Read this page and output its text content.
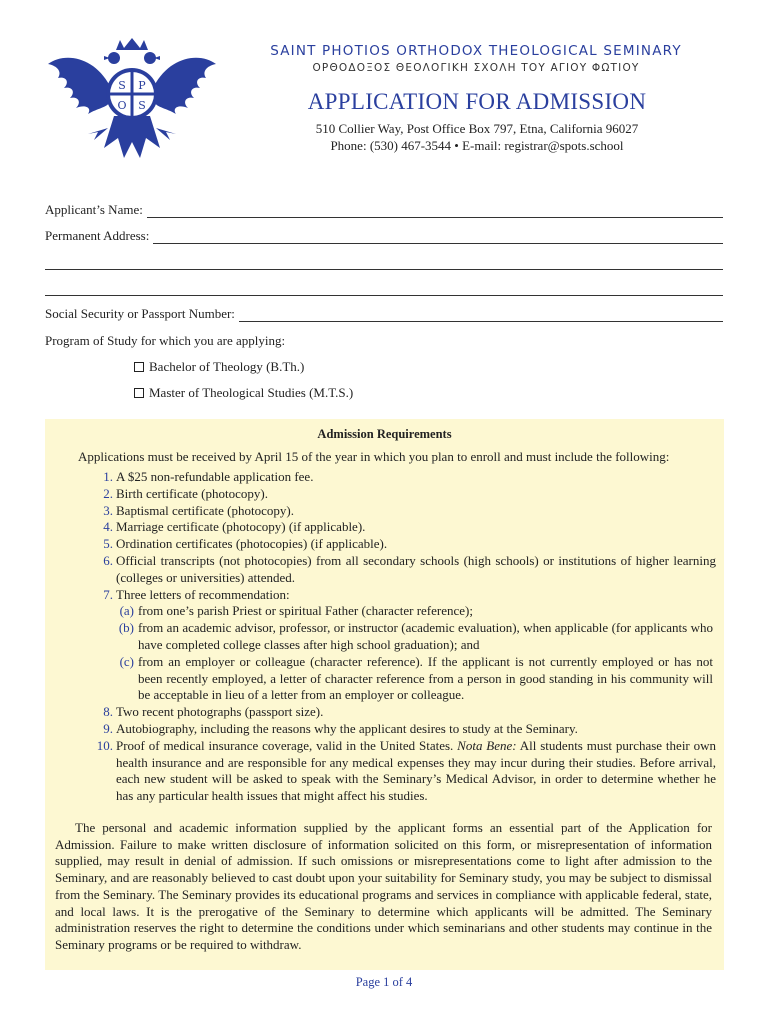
S P
O S
SAINT PHOTIOS ORTHODOX THEOLOGICAL SEMINARY
ΟΡΘΟΔΟΞΟΣ ΘΕΟΛΟΓΙΚΗ ΣΧΟΛΗ ΤΟΥ ΑΓΙΟΥ ΦΩΤΙΟΥ
APPLICATION FOR ADMISSION
510 Collier Way, Post Office Box 797, Etna, California 96027
Phone: (530) 467-3544 • E-mail: registrar@spots.school
Applicant’s Name:
Permanent Address:
Social Security or Passport Number:
Program of Study for which you are applying:
Bachelor of Theology (B.Th.)
Master of Theological Studies (M.T.S.)
Admission Requirements
Applications must be received by April 15 of the year in which you plan to enroll and must include the following:
1. A $25 non-refundable application fee.
2. Birth certificate (photocopy).
3. Baptismal certificate (photocopy).
4. Marriage certificate (photocopy) (if applicable).
5. Ordination certificates (photocopies) (if applicable).
6. Official transcripts (not photocopies) from all secondary schools (high schools) or institutions of higher learning (colleges or universities) attended.
7. Three letters of recommendation:
(a) from one’s parish Priest or spiritual Father (character reference);
(b) from an academic advisor, professor, or instructor (academic evaluation), when applicable (for applicants who have completed college classes after high school graduation); and
(c) from an employer or colleague (character reference). If the applicant is not currently employed or has not been recently employed, a letter of character reference from a person in good standing in his community will be acceptable in lieu of a letter from an employer or colleague.
8. Two recent photographs (passport size).
9. Autobiography, including the reasons why the applicant desires to study at the Seminary.
10. Proof of medical insurance coverage, valid in the United States. Nota Bene: All students must purchase their own health insurance and are responsible for any medical expenses they may incur during their studies. Before arrival, each new student will be asked to speak with the Seminary’s Medical Advisor, in order to determine whether he has any particular health issues that might affect his studies.
The personal and academic information supplied by the applicant forms an essential part of the Application for Admission. Failure to make written disclosure of information solicited on this form, or misrepresentation of information supplied, may result in denial of admission. If such omissions or misrepresentations come to light after admission to the Seminary, and are reasonably believed to cast doubt upon your suitability for Seminary study, you may be subject to dismissal from the Seminary. The Seminary provides its educational programs and services in compliance with applicable federal, state, and local laws. It is the prerogative of the Seminary to determine which applicants will be admitted. The Seminary administration reserves the right to determine the conditions under which seminarians and other students may continue in the Seminary programs or be required to withdraw.
Page 1 of 4
